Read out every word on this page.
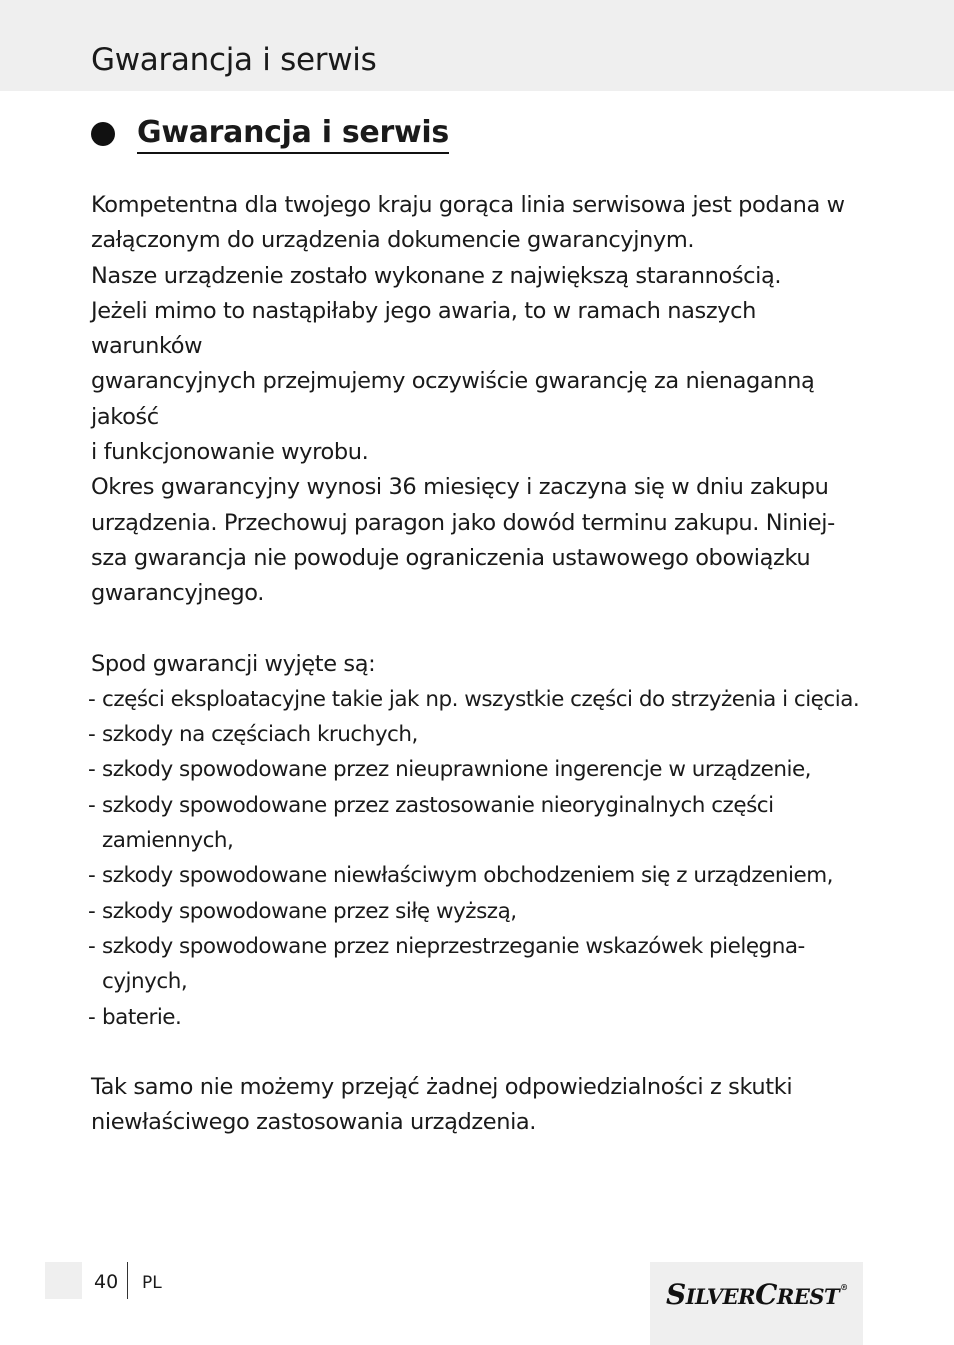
Gwarancja i serwis
Gwarancja i serwis

Kompetentna dla twojego kraju gorąca linia serwisowa jest podana w

załączonym do urządzenia dokumencie gwarancyjnym.

Nasze urządzenie zostało wykonane z największą starannością.

Jeżeli mimo to nastąpiłaby jego awaria, to w ramach naszych warunków

gwarancyjnych przejmujemy oczywiście gwarancję za nienaganną jakość

i funkcjonowanie wyrobu.

Okres gwarancyjny wynosi 36 miesięcy i zaczyna się w dniu zakupu

urządzenia. Przechowuj paragon jako dowód terminu zakupu. Niniej-

sza gwarancja nie powoduje ograniczenia ustawowego obowiązku

gwarancyjnego.

Spod gwarancji wyjęte są:

- części eksploatacyjne takie jak np. wszystkie części do strzyżenia i cięcia.
- szkody na częściach kruchych,
- szkody spowodowane przez nieuprawnione ingerencje w urządzenie,
- szkody spowodowane przez zastosowanie nieoryginalnych części zamiennych,
- szkody spowodowane niewłaściwym obchodzeniem się z urządzeniem,
- szkody spowodowane przez siłę wyższą,
- szkody spowodowane przez nieprzestrzeganie wskazówek pielęgna- cyjnych,
- baterie.

Tak samo nie możemy przejąć żadnej odpowiedzialności z skutki

niewłaściwego zastosowania urządzenia.

40 PL	SILVERCREST®
